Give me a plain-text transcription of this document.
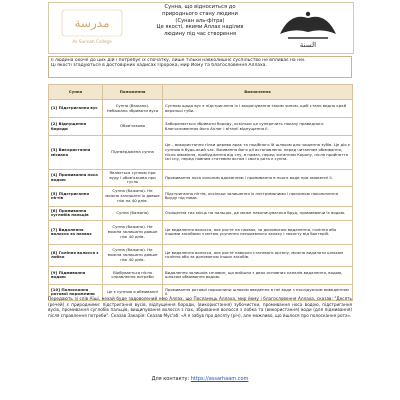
مدرسة
As-Sunnah College
Сунна, що відноситься до
природнього стану людини
(Сунан аль-фітра)
Це якості, якими Аллах наділив
людину під час створення
السنة
Її людина охоче до цих дій і потребує їх спочатку, лише тільки навколишнє суспільство не впливає на неї.
Ці якості згадуються в достовірних хадисах Пророка, мир Йому та благословення Аллаха.
Сунна	Положення	Визначення
[1] Підстригання вус	Сунна (бажано). Небажано збривати вуса	Сунною щодо вус є підстригання їх і вкорочування таким чином, щоб стало видно край верхньої губи.
[2] Відпущення бороди	Обов'язково	Забороняється збривати бороду, оскільки це суперечить наказу праведного благословенних його Аллаг і віталії відпущення її.
[3] Використання місвака	Підтверджена сунна	Це – використання гілки дерева арак та подібного їй шляхом для чищення зубів. Це дія є сунною в будь-який час. Вживання його дії встановлено: перед читанням обмивання, після омовіння, пробудження від сну, в намаз, перед читанням Корану, після прийняття їжі сну, перед повним статевим актом і свого рота є сунна.
[4] Промивання носа водою	Являється сунною при вуду і обов'язкова при гусль	Промивання носа сильним вдиханням і промивання в нього води при омовенні її.
[5] Підстригання нігтів	Сунна (бажано). Не можна залишати їх довше ніж на 40 днів.	Підстригання нігтів, оскільки залишення їх нестриманими і причиною накопичення бруду під ними.
[6] Промивання суглобів пальців	Сунна (бажано)	Очищення тих місць на пальцях, де може накопичуватися бруд, промиваючи їх водою.
[7] Видалення волосся за пахвах	Сунна (бажано). Не можна залишати довше ніж 40 днів.	Це видалення волосся, яке росте на пахвах, за допомогою видалення, гоління або іншими засобами з метою усунення неприємного запаху і захисту від бактерій.
[8] Гоління волосся з лобка	Сунна (бажано). Не можна залишати довше ніж 40 днів.	Це видалення волосся, яке росте навколо статевого органу, можна видаляти шляхом гоління або за допомогою інших засобів.
[9] Підмивання водою	Відбувається після справлення потреби	Видалення залишків сечовин, що вийшли з двох основних каналів видалення, водою, шляхом обмивання водою.
[10] Полоскання ротової порожнини	Це є сунною в обмиванні	Промивання ротової порожнини шляхом введення в неї води з послідуючим виведенням її.
Передають зі слів Аїші, нехай буде задоволений нею Аллах, що Посланець Аллаха, мир йому і благословення Аллаха, сказав: "Десять (речей) є природними: підстригання вусів, відпущення бороди, (використання) зубочистки, промивання носа водою, підстригання вусів, промивання суглобів пальців, вищипування волосся з пах, збривання волосся з лобка та (використання) води (для підмивання) після справлення потреби". Сказав Закарія: Сказав Мус'аб: «А я забув про десяту (річ), але можливо, що йшлося про полоскання рота».
Для контакту: https://assarhaam.com
